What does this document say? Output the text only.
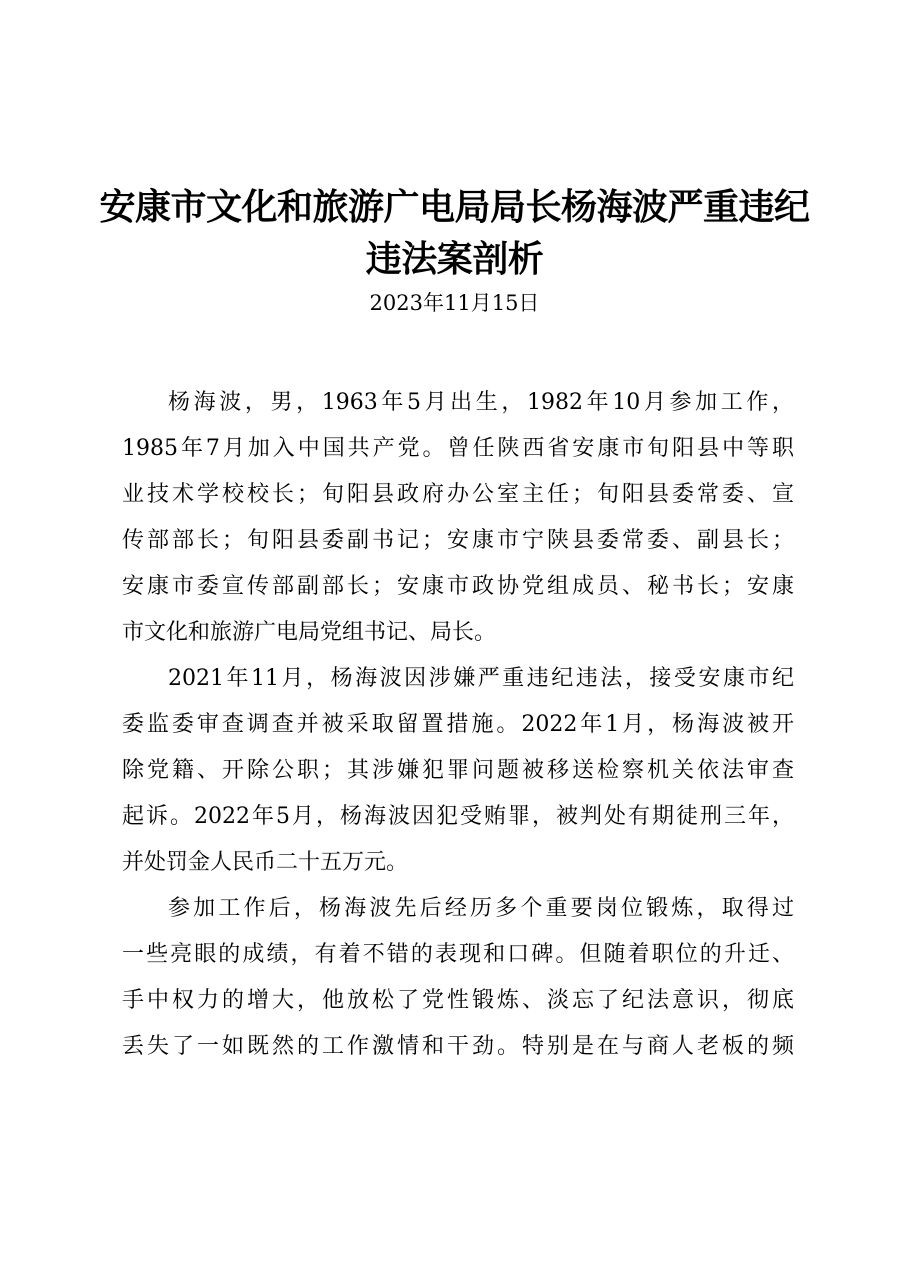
安康市文化和旅游广电局局长杨海波严重违纪
违法案剖析
2023年11月15日
杨海波，男，1963年5月出生，1982年10月参加工作，
1985年7月加入中国共产党。曾任陕西省安康市旬阳县中等职
业技术学校校长；旬阳县政府办公室主任；旬阳县委常委、宣
传部部长；旬阳县委副书记；安康市宁陕县委常委、副县长；
安康市委宣传部副部长；安康市政协党组成员、秘书长；安康
市文化和旅游广电局党组书记、局长。
2021年11月，杨海波因涉嫌严重违纪违法，接受安康市纪
委监委审查调查并被采取留置措施。2022年1月，杨海波被开
除党籍、开除公职；其涉嫌犯罪问题被移送检察机关依法审查
起诉。2022年5月，杨海波因犯受贿罪，被判处有期徒刑三年，
并处罚金人民币二十五万元。
参加工作后，杨海波先后经历多个重要岗位锻炼，取得过
一些亮眼的成绩，有着不错的表现和口碑。但随着职位的升迁、
手中权力的增大，他放松了党性锻炼、淡忘了纪法意识，彻底
丢失了一如既然的工作激情和干劲。特别是在与商人老板的频
